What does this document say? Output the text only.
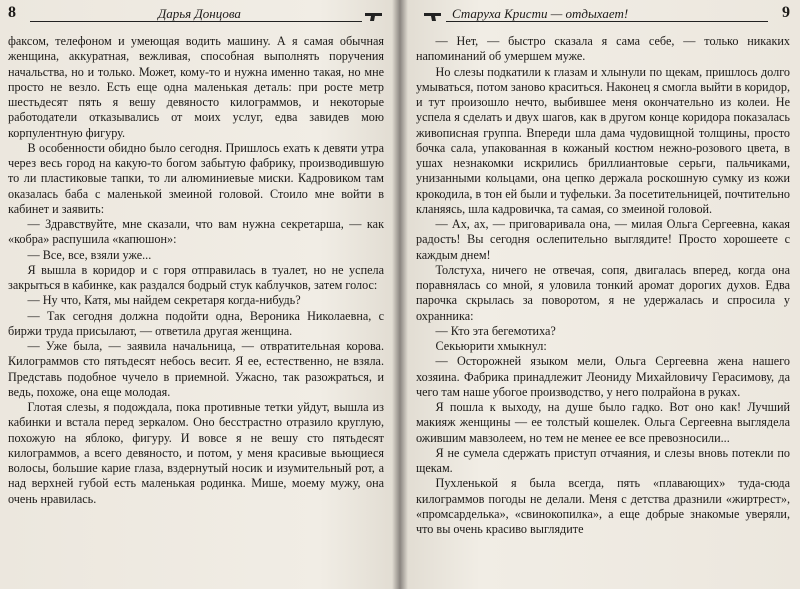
8	Дарья Донцова

факсом, телефоном и умеющая водить машину. А я самая обычная женщина, аккуратная, вежливая, способная выполнять поручения начальства, но и только. Может, кому-то и нужна именно такая, но мне просто не везло. Есть еще одна маленькая деталь: при росте метр шестьдесят пять я вешу девяносто килограммов, и некоторые работодатели отказывались от моих услуг, едва завидев мою корпулентную фигуру.

В особенности обидно было сегодня. Пришлось ехать к девяти утра через весь город на какую-то богом забытую фабрику, производившую то ли пластиковые тапки, то ли алюминиевые миски. Кадровиком там оказалась баба с маленькой змеиной головой. Стоило мне войти в кабинет и заявить:

— Здравствуйте, мне сказали, что вам нужна секретарша, — как «кобра» распушила «капюшон»:

— Все, все, взяли уже...

Я вышла в коридор и с горя отправилась в туалет, но не успела закрыться в кабинке, как раздался бодрый стук каблучков, затем голос:

— Ну что, Катя, мы найдем секретаря когда-нибудь?

— Так сегодня должна подойти одна, Вероника Николаевна, с биржи труда присылают, — ответила другая женщина.

— Уже была, — заявила начальница, — отвратительная корова. Килограммов сто пятьдесят небось весит. Я ее, естественно, не взяла. Представь подобное чучело в приемной. Ужасно, так разожраться, и ведь, похоже, она еще молодая.

Глотая слезы, я подождала, пока противные тетки уйдут, вышла из кабинки и встала перед зеркалом. Оно бесстрастно отразило круглую, похожую на яблоко, фигуру. И вовсе я не вешу сто пятьдесят килограммов, а всего девяносто, и потом, у меня красивые вьющиеся волосы, большие карие глаза, вздернутый носик и изумительный рот, а над верхней губой есть маленькая родинка. Мише, моему мужу, она очень нравилась.

Старуха Кристи — отдыхает!	9

— Нет, — быстро сказала я сама себе, — только никаких напоминаний об умершем муже.

Но слезы подкатили к глазам и хлынули по щекам, пришлось долго умываться, потом заново краситься. Наконец я смогла выйти в коридор, и тут произошло нечто, выбившее меня окончательно из колеи. Не успела я сделать и двух шагов, как в другом конце коридора показалась живописная группа. Впереди шла дама чудовищной толщины, просто бочка сала, упакованная в кожаный костюм нежно-розового цвета, в ушах незнакомки искрились бриллиантовые серьги, пальчиками, унизанными кольцами, она цепко держала роскошную сумку из кожи крокодила, в тон ей были и туфельки. За посетительницей, почтительно кланяясь, шла кадровичка, та самая, со змеиной головой.

— Ах, ах, — приговаривала она, — милая Ольга Сергеевна, какая радость! Вы сегодня ослепительно выглядите! Просто хорошеете с каждым днем!

Толстуха, ничего не отвечая, сопя, двигалась вперед, когда она поравнялась со мной, я уловила тонкий аромат дорогих духов. Едва парочка скрылась за поворотом, я не удержалась и спросила у охранника:

— Кто эта бегемотиха?

Секьюрити хмыкнул:

— Осторожней языком мели, Ольга Сергеевна жена нашего хозяина. Фабрика принадлежит Леониду Михайловичу Герасимову, да чего там наше убогое производство, у него полрайона в руках.

Я пошла к выходу, на душе было гадко. Вот оно как! Лучший макияж женщины — ее толстый кошелек. Ольга Сергеевна выглядела ожившим мавзолеем, но тем не менее ее все превозносили...

Я не сумела сдержать приступ отчаяния, и слезы вновь потекли по щекам.

Пухленькой я была всегда, пять «плавающих» туда-сюда килограммов погоды не делали. Меня с детства дразнили «жиртрест», «промсарделька», «свинокопилка», а еще добрые знакомые уверяли, что вы очень красиво выглядите
